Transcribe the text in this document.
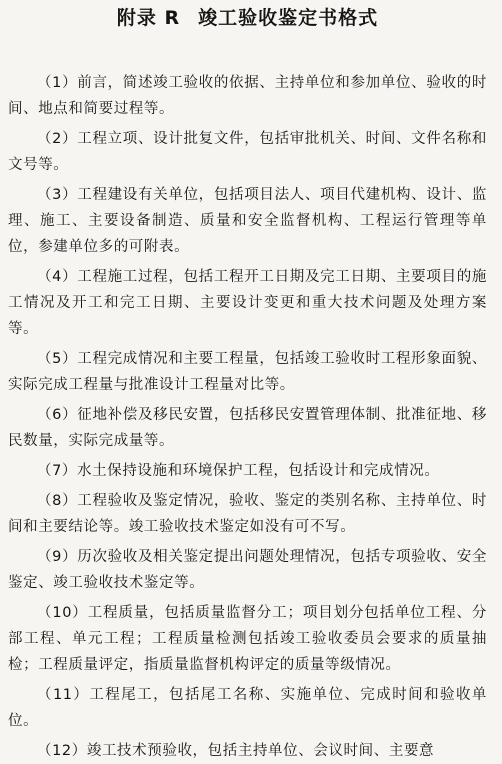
附录 R 竣工验收鉴定书格式

（1）前言，简述竣工验收的依据、主持单位和参加单位、验收的时间、地点和简要过程等。

（2）工程立项、设计批复文件，包括审批机关、时间、文件名称和文号等。

（3）工程建设有关单位，包括项目法人、项目代建机构、设计、监理、施工、主要设备制造、质量和安全监督机构、工程运行管理等单位，参建单位多的可附表。

（4）工程施工过程，包括工程开工日期及完工日期、主要项目的施工情况及开工和完工日期、主要设计变更和重大技术问题及处理方案等。

（5）工程完成情况和主要工程量，包括竣工验收时工程形象面貌、实际完成工程量与批准设计工程量对比等。

（6）征地补偿及移民安置，包括移民安置管理体制、批准征地、移民数量，实际完成量等。

（7）水土保持设施和环境保护工程，包括设计和完成情况。

（8）工程验收及鉴定情况，验收、鉴定的类别名称、主持单位、时间和主要结论等。竣工验收技术鉴定如没有可不写。

（9）历次验收及相关鉴定提出问题处理情况，包括专项验收、安全鉴定、竣工验收技术鉴定等。

（10）工程质量，包括质量监督分工；项目划分包括单位工程、分部工程、单元工程；工程质量检测包括竣工验收委员会要求的质量抽检；工程质量评定，指质量监督机构评定的质量等级情况。

（11）工程尾工，包括尾工名称、实施单位、完成时间和验收单位。

（12）竣工技术预验收，包括主持单位、会议时间、主要意
